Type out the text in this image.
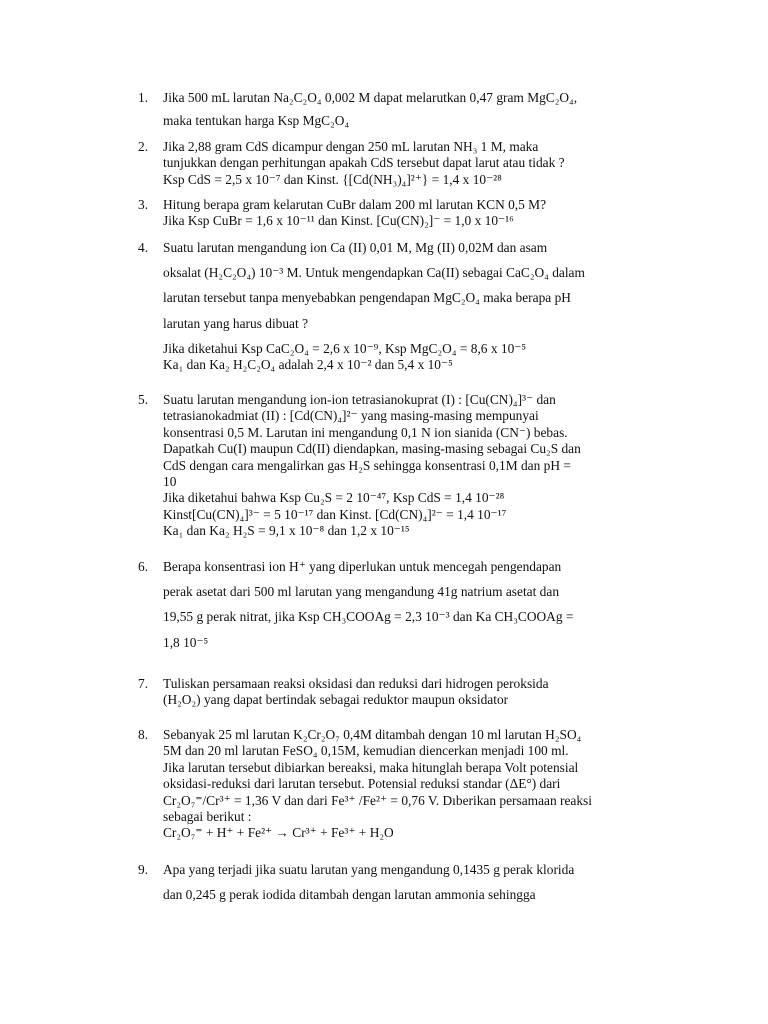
1. Jika 500 mL larutan Na₂C₂O₄ 0,002 M dapat melarutkan 0,47 gram MgC₂O₄,
maka tentukan harga Ksp MgC₂O₄
2. Jika 2,88 gram CdS dicampur dengan 250 mL larutan NH₃ 1 M, maka
tunjukkan dengan perhitungan apakah CdS tersebut dapat larut atau tidak ?
Ksp CdS = 2,5 x 10⁻⁷ dan Kinst. {[Cd(NH₃)₄]²⁺} = 1,4 x 10⁻²⁸
3. Hitung berapa gram kelarutan CuBr dalam 200 ml larutan KCN 0,5 M?
Jika Ksp CuBr = 1,6 x 10⁻¹¹ dan Kinst. [Cu(CN)₂]⁻ = 1,0 x 10⁻¹⁶
4. Suatu larutan mengandung ion Ca (II) 0,01 M, Mg (II) 0,02M dan asam
oksalat (H₂C₂O₄) 10⁻³ M. Untuk mengendapkan Ca(II) sebagai CaC₂O₄ dalam
larutan tersebut tanpa menyebabkan pengendapan MgC₂O₄ maka berapa pH
larutan yang harus dibuat ?
Jika diketahui Ksp CaC₂O₄ = 2,6 x 10⁻⁹, Ksp MgC₂O₄ = 8,6 x 10⁻⁵
Ka₁ dan Ka₂ H₂C₂O₄ adalah 2,4 x 10⁻² dan 5,4 x 10⁻⁵
5. Suatu larutan mengandung ion-ion tetrasianokuprat (I) : [Cu(CN)₄]³⁻ dan
tetrasianokadmiat (II) : [Cd(CN)₄]²⁻ yang masing-masing mempunyai
konsentrasi 0,5 M. Larutan ini mengandung 0,1 N ion sianida (CN⁻) bebas.
Dapatkah Cu(I) maupun Cd(II) diendapkan, masing-masing sebagai Cu₂S dan
CdS dengan cara mengalirkan gas H₂S sehingga konsentrasi 0,1M dan pH =
10
Jika diketahui bahwa Ksp Cu₂S = 2 10⁻⁴⁷, Ksp CdS = 1,4 10⁻²⁸
Kinst[Cu(CN)₄]³⁻ = 5 10⁻¹⁷ dan Kinst. [Cd(CN)₄]²⁻ = 1,4 10⁻¹⁷
Ka₁ dan Ka₂ H₂S = 9,1 x 10⁻⁸ dan 1,2 x 10⁻¹⁵
6. Berapa konsentrasi ion H⁺ yang diperlukan untuk mencegah pengendapan
perak asetat dari 500 ml larutan yang mengandung 41g natrium asetat dan
19,55 g perak nitrat, jika Ksp CH₃COOAg = 2,3 10⁻³ dan Ka CH₃COOAg =
1,8 10⁻⁵
7. Tuliskan persamaan reaksi oksidasi dan reduksi dari hidrogen peroksida
(H₂O₂) yang dapat bertindak sebagai reduktor maupun oksidator
8. Sebanyak 25 ml larutan K₂Cr₂O₇ 0,4M ditambah dengan 10 ml larutan H₂SO₄
5M dan 20 ml larutan FeSO₄ 0,15M, kemudian diencerkan menjadi 100 ml.
Jika larutan tersebut dibiarkan bereaksi, maka hitunglah berapa Volt potensial
oksidasi-reduksi dari larutan tersebut. Potensial reduksi standar (ΔE°) dari
Cr₂O₇⁼/Cr³⁺ = 1,36 V dan dari Fe³⁺ /Fe²⁺ = 0,76 V. Dıberikan persamaan reaksi
sebagai berikut :
Cr₂O₇⁼ + H⁺ + Fe²⁺ → Cr³⁺ + Fe³⁺ + H₂O
9. Apa yang terjadi jika suatu larutan yang mengandung 0,1435 g perak klorida
dan 0,245 g perak iodida ditambah dengan larutan ammonia sehingga
